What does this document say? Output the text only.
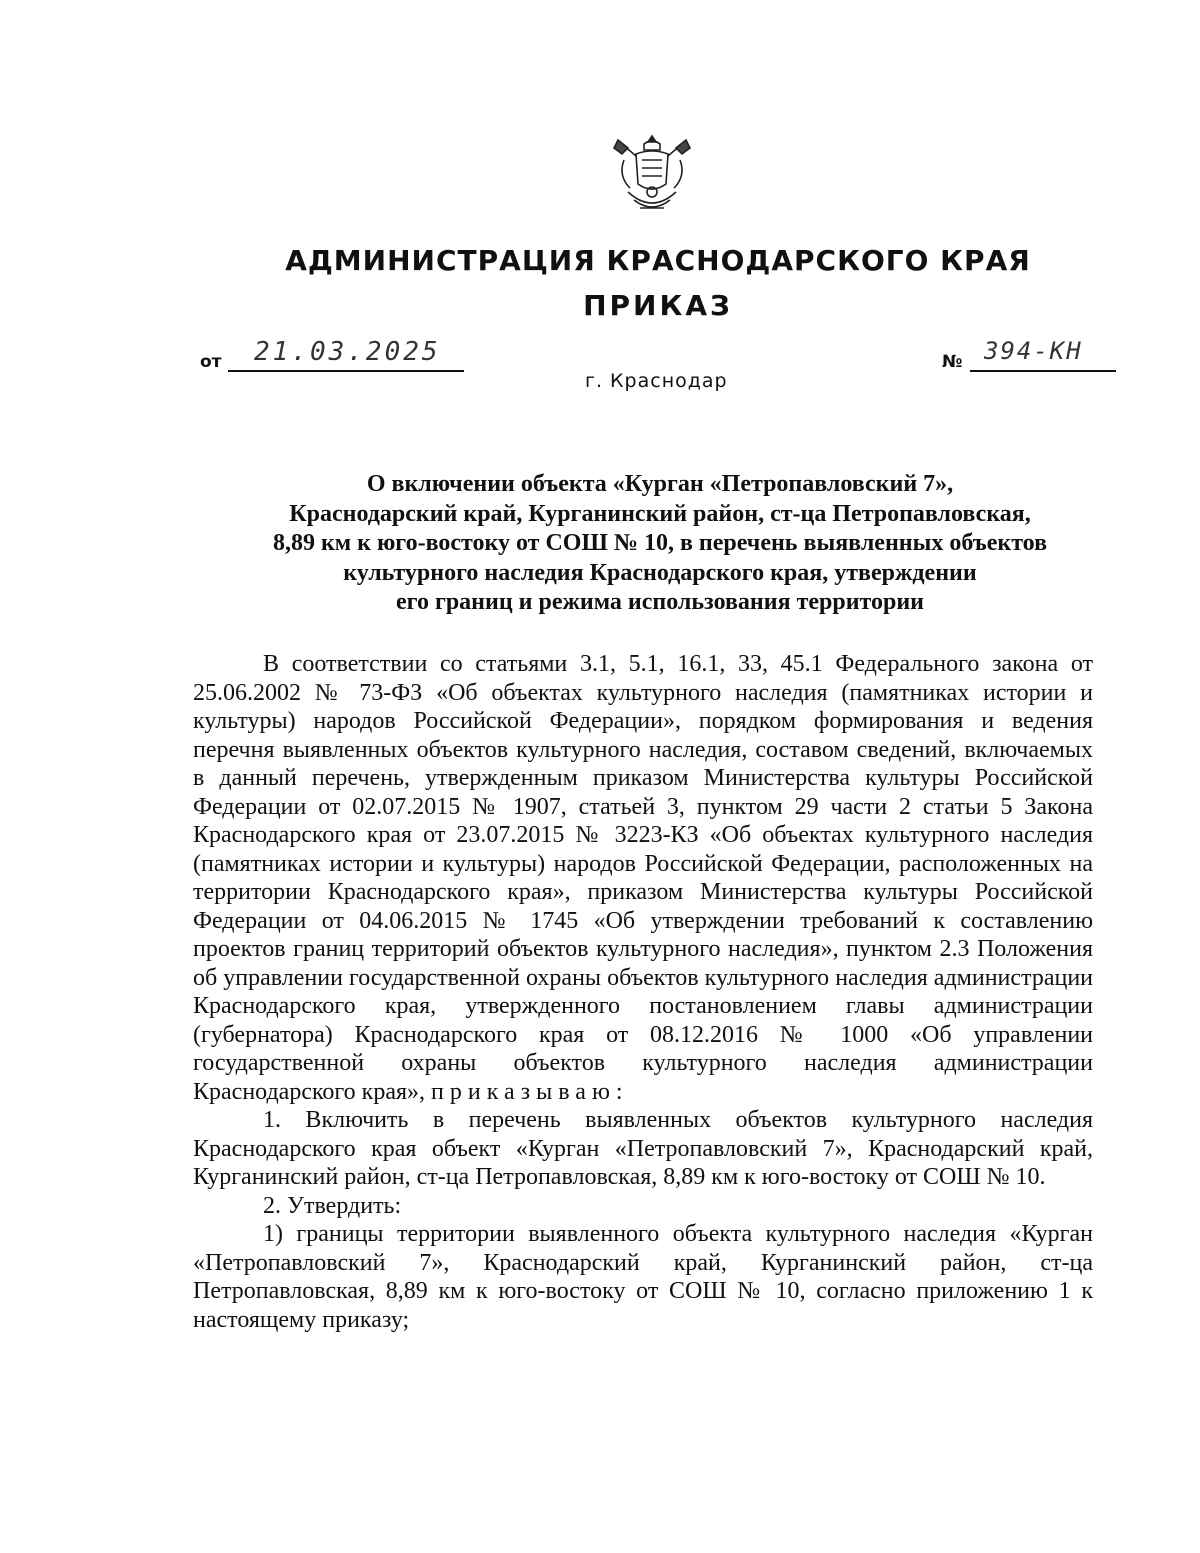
АДМИНИСТРАЦИЯ КРАСНОДАРСКОГО КРАЯ
ПРИКАЗ
от 21.03.2025	№ 394-КН
г. Краснодар
О включении объекта «Курган «Петропавловский 7»,
Краснодарский край, Курганинский район, ст-ца Петропавловская,
8,89 км к юго-востоку от СОШ № 10, в перечень выявленных объектов
культурного наследия Краснодарского края, утверждении
его границ и режима использования территории

В соответствии со статьями 3.1, 5.1, 16.1, 33, 45.1 Федерального закона от 25.06.2002 № 73-ФЗ «Об объектах культурного наследия (памятниках истории и культуры) народов Российской Федерации», порядком формирования и ведения перечня выявленных объектов культурного наследия, составом сведений, включаемых в данный перечень, утвержденным приказом Министерства культуры Российской Федерации от 02.07.2015 № 1907, статьей 3, пунктом 29 части 2 статьи 5 Закона Краснодарского края от 23.07.2015 № 3223-КЗ «Об объектах культурного наследия (памятниках истории и культуры) народов Российской Федерации, расположенных на территории Краснодарского края», приказом Министерства культуры Российской Федерации от 04.06.2015 № 1745 «Об утверждении требований к составлению проектов границ территорий объектов культурного наследия», пунктом 2.3 Положения об управлении государственной охраны объектов культурного наследия администрации Краснодарского края, утвержденного постановлением главы администрации (губернатора) Краснодарского края от 08.12.2016 № 1000 «Об управлении государственной охраны объектов культурного наследия администрации Краснодарского края», приказываю:

1. Включить в перечень выявленных объектов культурного наследия Краснодарского края объект «Курган «Петропавловский 7», Краснодарский край, Курганинский район, ст-ца Петропавловская, 8,89 км к юго-востоку от СОШ № 10.

2. Утвердить:

1) границы территории выявленного объекта культурного наследия «Курган «Петропавловский 7», Краснодарский край, Курганинский район, ст-ца Петропавловская, 8,89 км к юго-востоку от СОШ № 10, согласно приложению 1 к настоящему приказу;
